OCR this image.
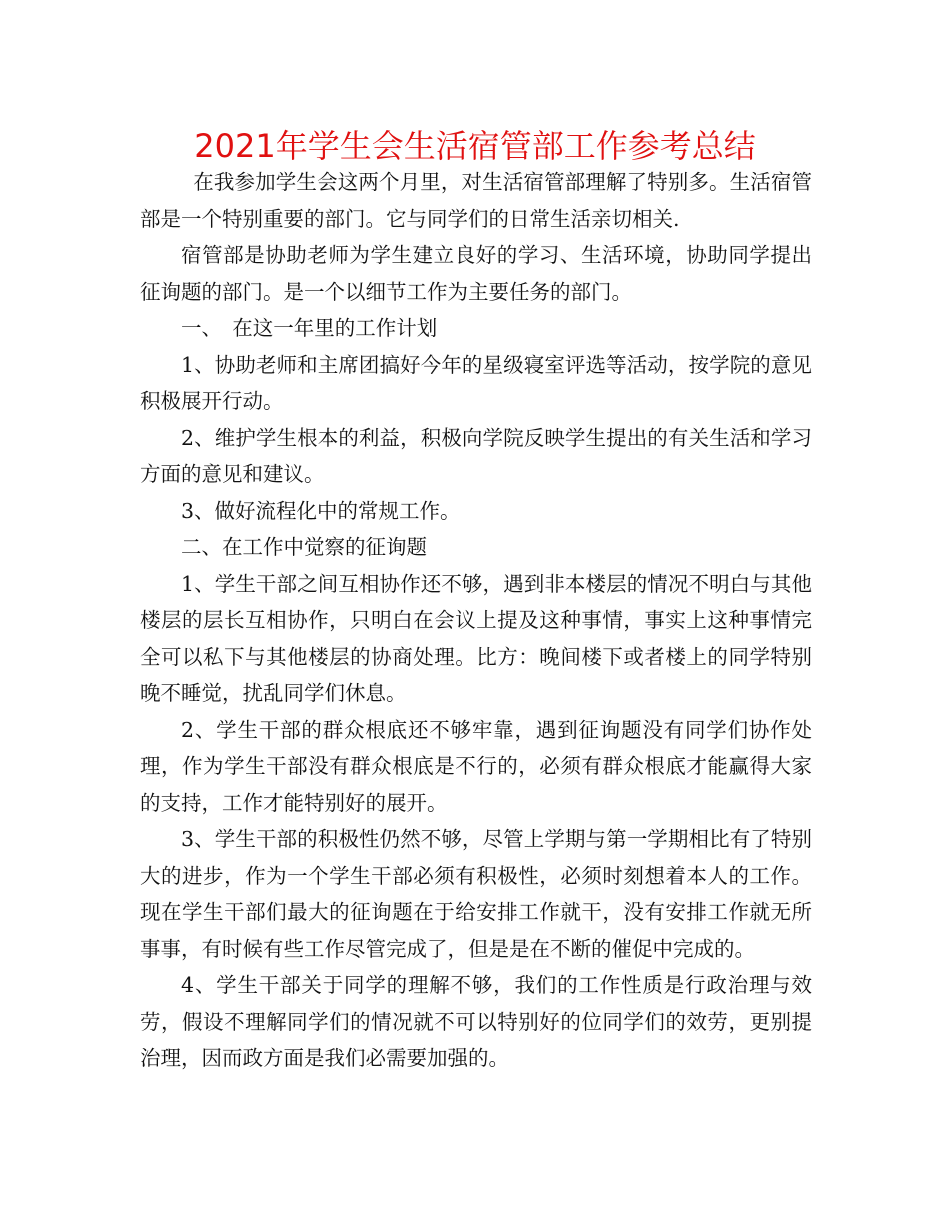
2021年学生会生活宿管部工作参考总结

在我参加学生会这两个月里，对生活宿管部理解了特别多。生活宿管部是一个特别重要的部门。它与同学们的日常生活亲切相关.

宿管部是协助老师为学生建立良好的学习、生活环境，协助同学提出征询题的部门。是一个以细节工作为主要任务的部门。

一、　在这一年里的工作计划

1、协助老师和主席团搞好今年的星级寝室评选等活动，按学院的意见积极展开行动。

2、维护学生根本的利益，积极向学院反映学生提出的有关生活和学习方面的意见和建议。

3、做好流程化中的常规工作。

二、在工作中觉察的征询题

1、学生干部之间互相协作还不够，遇到非本楼层的情况不明白与其他楼层的层长互相协作，只明白在会议上提及这种事情，事实上这种事情完全可以私下与其他楼层的协商处理。比方：晚间楼下或者楼上的同学特别晚不睡觉，扰乱同学们休息。

2、学生干部的群众根底还不够牢靠，遇到征询题没有同学们协作处理，作为学生干部没有群众根底是不行的，必须有群众根底才能赢得大家的支持，工作才能特别好的展开。

3、学生干部的积极性仍然不够，尽管上学期与第一学期相比有了特别大的进步，作为一个学生干部必须有积极性，必须时刻想着本人的工作。现在学生干部们最大的征询题在于给安排工作就干，没有安排工作就无所事事，有时候有些工作尽管完成了，但是是在不断的催促中完成的。

4、学生干部关于同学的理解不够，我们的工作性质是行政治理与效劳，假设不理解同学们的情况就不可以特别好的位同学们的效劳，更别提治理，因而政方面是我们必需要加强的。
